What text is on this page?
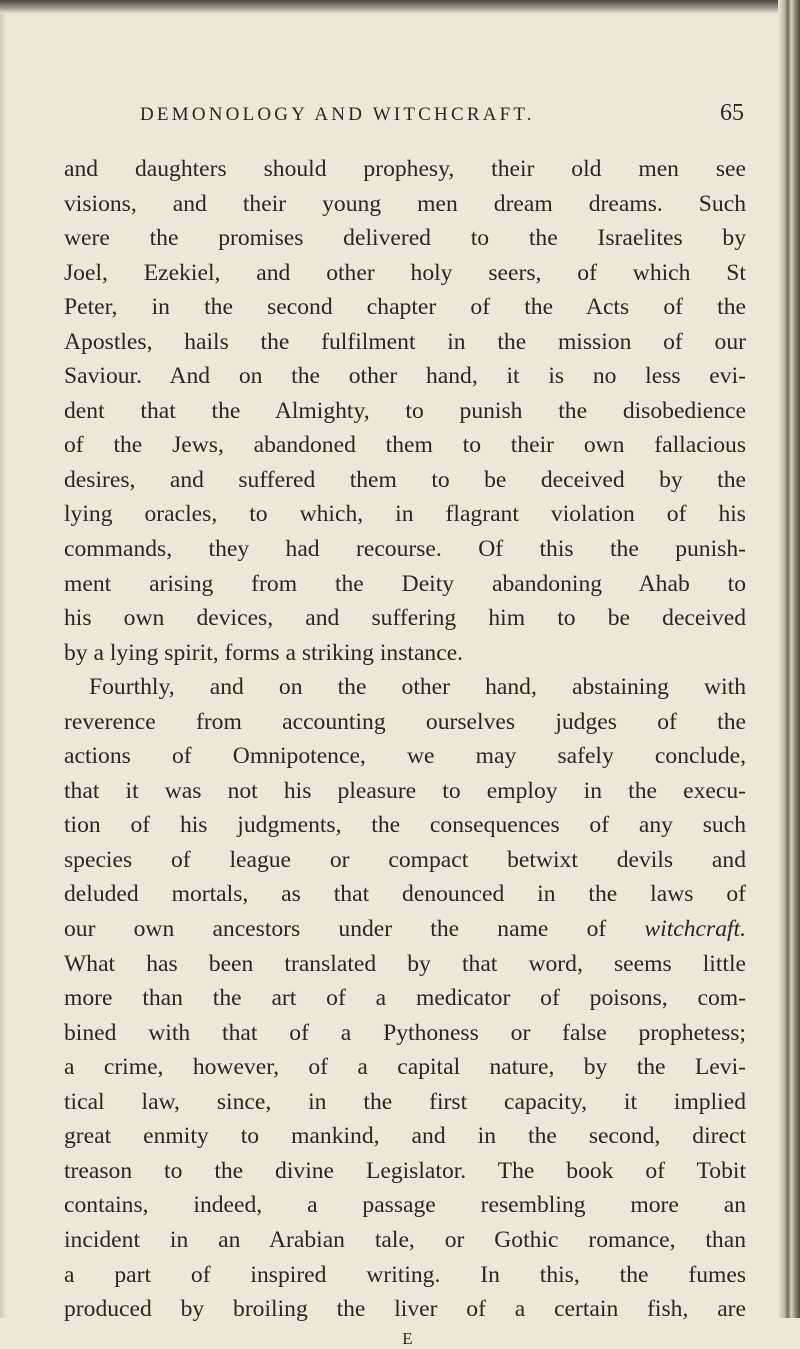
DEMONOLOGY AND WITCHCRAFT.	65
and daughters should prophesy, their old men see
visions, and their young men dream dreams. Such
were the promises delivered to the Israelites by
Joel, Ezekiel, and other holy seers, of which St
Peter, in the second chapter of the Acts of the
Apostles, hails the fulfilment in the mission of our
Saviour. And on the other hand, it is no less evi-
dent that the Almighty, to punish the disobedience
of the Jews, abandoned them to their own fallacious
desires, and suffered them to be deceived by the
lying oracles, to which, in flagrant violation of his
commands, they had recourse. Of this the punish-
ment arising from the Deity abandoning Ahab to
his own devices, and suffering him to be deceived
by a lying spirit, forms a striking instance.
Fourthly, and on the other hand, abstaining with
reverence from accounting ourselves judges of the
actions of Omnipotence, we may safely conclude,
that it was not his pleasure to employ in the execu-
tion of his judgments, the consequences of any such
species of league or compact betwixt devils and
deluded mortals, as that denounced in the laws of
our own ancestors under the name of witchcraft.
What has been translated by that word, seems little
more than the art of a medicator of poisons, com-
bined with that of a Pythoness or false prophetess;
a crime, however, of a capital nature, by the Levi-
tical law, since, in the first capacity, it implied
great enmity to mankind, and in the second, direct
treason to the divine Legislator. The book of Tobit
contains, indeed, a passage resembling more an
incident in an Arabian tale, or Gothic romance, than
a part of inspired writing. In this, the fumes
produced by broiling the liver of a certain fish, are
E
